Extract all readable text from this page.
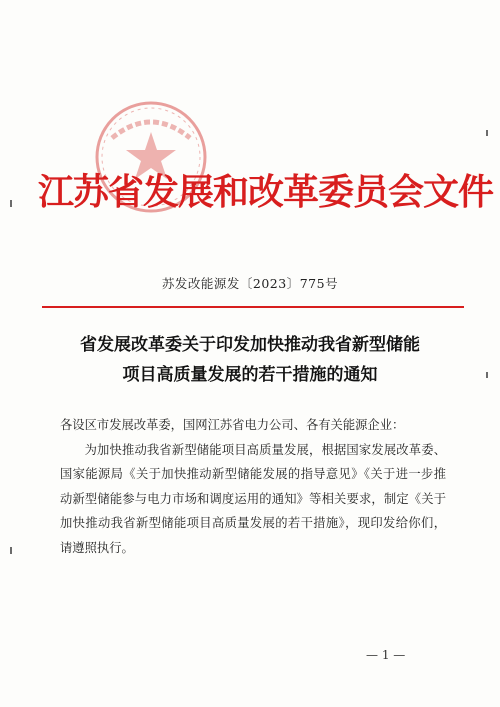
江苏省发展和改革委员会文件
苏发改能源发〔2023〕775号
省发展改革委关于印发加快推动我省新型储能
项目高质量发展的若干措施的通知

各设区市发展改革委，国网江苏省电力公司、各有关能源企业：

为加快推动我省新型储能项目高质量发展，根据国家发展改革委、国家能源局《关于加快推动新型储能发展的指导意见》《关于进一步推动新型储能参与电力市场和调度运用的通知》等相关要求，制定《关于加快推动我省新型储能项目高质量发展的若干措施》，现印发给你们，请遵照执行。

— 1 —
